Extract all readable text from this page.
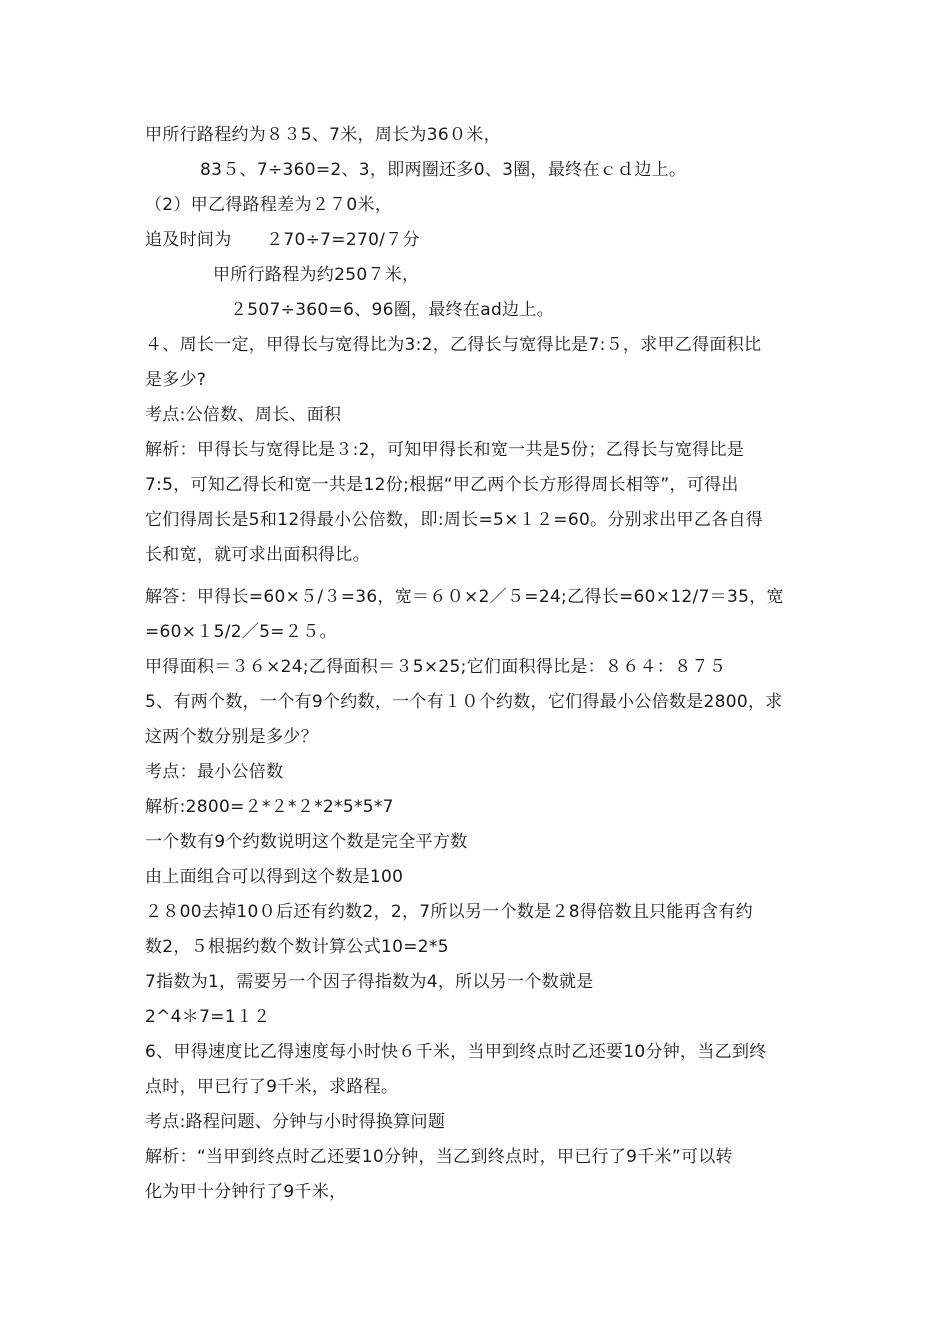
甲所行路程约为８３5、7米，周长为36０米，
83５、7÷360=2、3，即两圈还多0、3圈，最终在ｃｄ边上。
（2）甲乙得路程差为２７0米，
追及时间为　　２70÷7=270/７分
甲所行路程为约250７米，
２507÷360=6、96圈，最终在ad边上。
４、周长一定，甲得长与宽得比为3:2，乙得长与宽得比是7:５，求甲乙得面积比
是多少?
考点:公倍数、周长、面积
解析：甲得长与宽得比是３:2，可知甲得长和宽一共是5份；乙得长与宽得比是
7:5，可知乙得长和宽一共是12份;根据“甲乙两个长方形得周长相等”，可得出
它们得周长是5和12得最小公倍数，即:周长=5×１２=60。分别求出甲乙各自得
长和宽，就可求出面积得比。
解答：甲得长=60×５/３=36，宽＝６０×2／５=24;乙得长=60×12/7＝35，宽
=60×１5/2／5=２５。
甲得面积＝３６×24;乙得面积＝３5×25;它们面积得比是：８６４：８７５
5、有两个数，一个有9个约数，一个有１０个约数，它们得最小公倍数是2800，求
这两个数分别是多少？
考点：最小公倍数
解析:2800=２*２*２*2*5*5*7
一个数有9个约数说明这个数是完全平方数
由上面组合可以得到这个数是100
２８00去掉10０后还有约数2，2，7所以另一个数是２8得倍数且只能再含有约
数2，５根据约数个数计算公式10=2*5
7指数为1，需要另一个因子得指数为4，所以另一个数就是
2^4＊7=1１２
6、甲得速度比乙得速度每小时快６千米，当甲到终点时乙还要10分钟，当乙到终
点时，甲已行了9千米，求路程。
考点:路程问题、分钟与小时得换算问题
解析：“当甲到终点时乙还要10分钟，当乙到终点时，甲已行了9千米”可以转
化为甲十分钟行了9千米，
